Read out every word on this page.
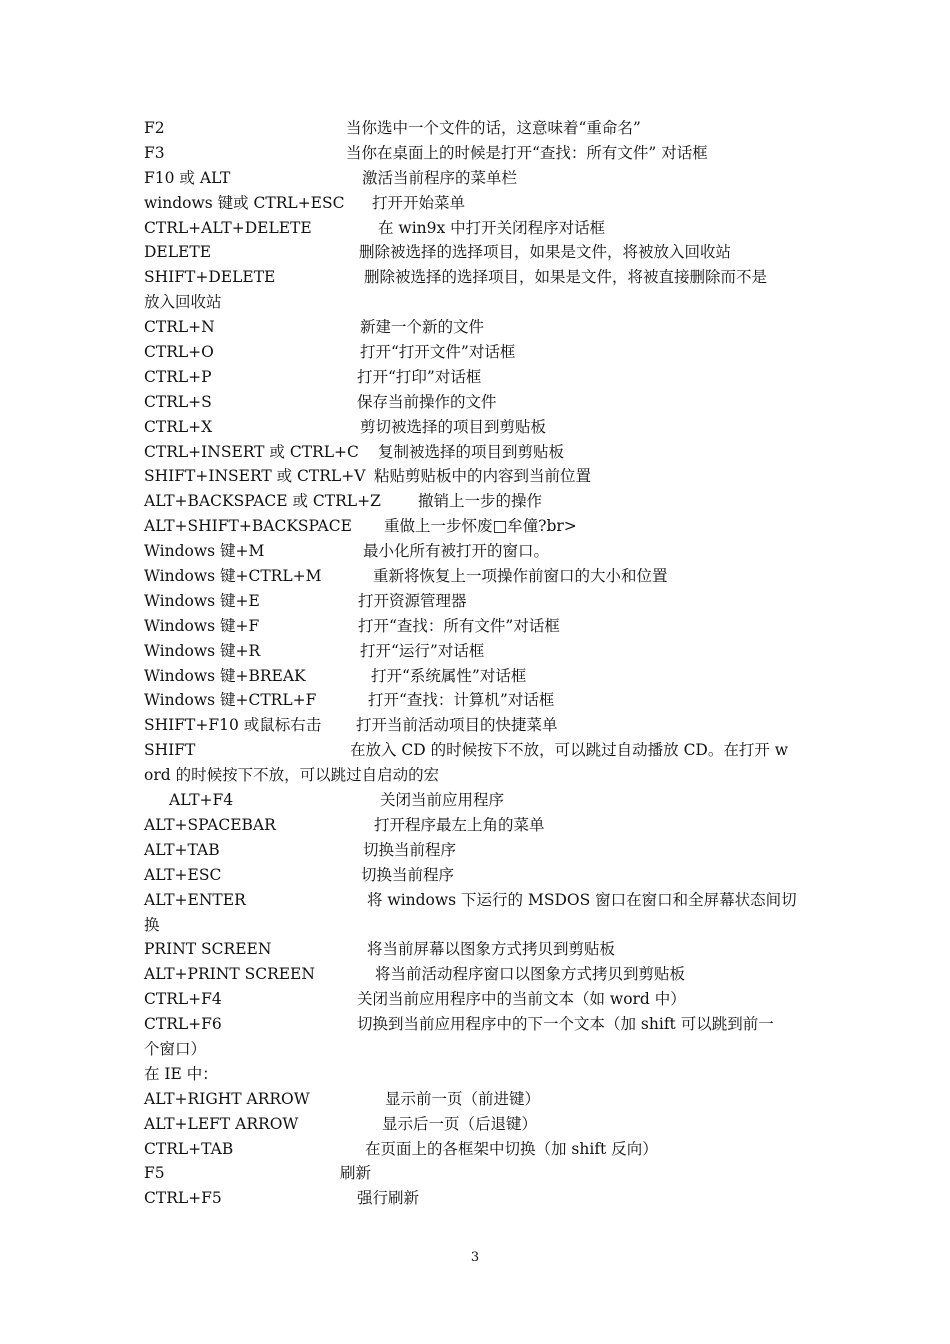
F2	当你选中一个文件的话，这意味着“重命名”
F3	当你在桌面上的时候是打开“查找：所有文件” 对话框
F10 或 ALT	激活当前程序的菜单栏
windows 键或 CTRL+ESC 打开开始菜单
CTRL+ALT+DELETE	在 win9x 中打开关闭程序对话框
DELETE	删除被选择的选择项目，如果是文件，将被放入回收站
SHIFT+DELETE	删除被选择的选择项目，如果是文件，将被直接删除而不是
放入回收站
CTRL+N	新建一个新的文件
CTRL+O	打开“打开文件”对话框
CTRL+P	打开“打印”对话框
CTRL+S	保存当前操作的文件
CTRL+X	剪切被选择的项目到剪贴板
CTRL+INSERT 或 CTRL+C 复制被选择的项目到剪贴板
SHIFT+INSERT 或 CTRL+V 粘贴剪贴板中的内容到当前位置
ALT+BACKSPACE 或 CTRL+Z 撤销上一步的操作
ALT+SHIFT+BACKSPACE 重做上一步怀废□牟僮?br>
Windows 键+M	最小化所有被打开的窗口。
Windows 键+CTRL+M	重新将恢复上一项操作前窗口的大小和位置
Windows 键+E	打开资源管理器
Windows 键+F	打开“查找：所有文件”对话框
Windows 键+R	打开“运行”对话框
Windows 键+BREAK	打开“系统属性”对话框
Windows 键+CTRL+F	打开“查找：计算机”对话框
SHIFT+F10 或鼠标右击 打开当前活动项目的快捷菜单
SHIFT	在放入 CD 的时候按下不放，可以跳过自动播放 CD。在打开 w
ord 的时候按下不放，可以跳过自启动的宏
ALT+F4	关闭当前应用程序
ALT+SPACEBAR	打开程序最左上角的菜单
ALT+TAB	切换当前程序
ALT+ESC	切换当前程序
ALT+ENTER	将 windows 下运行的 MSDOS 窗口在窗口和全屏幕状态间切
换
PRINT SCREEN	将当前屏幕以图象方式拷贝到剪贴板
ALT+PRINT SCREEN	将当前活动程序窗口以图象方式拷贝到剪贴板
CTRL+F4	关闭当前应用程序中的当前文本（如 word 中）
CTRL+F6	切换到当前应用程序中的下一个文本（加 shift 可以跳到前一
个窗口）
在 IE 中：
ALT+RIGHT ARROW	显示前一页（前进键）
ALT+LEFT ARROW	显示后一页（后退键）
CTRL+TAB	在页面上的各框架中切换（加 shift 反向）
F5	刷新
CTRL+F5	强行刷新
3
